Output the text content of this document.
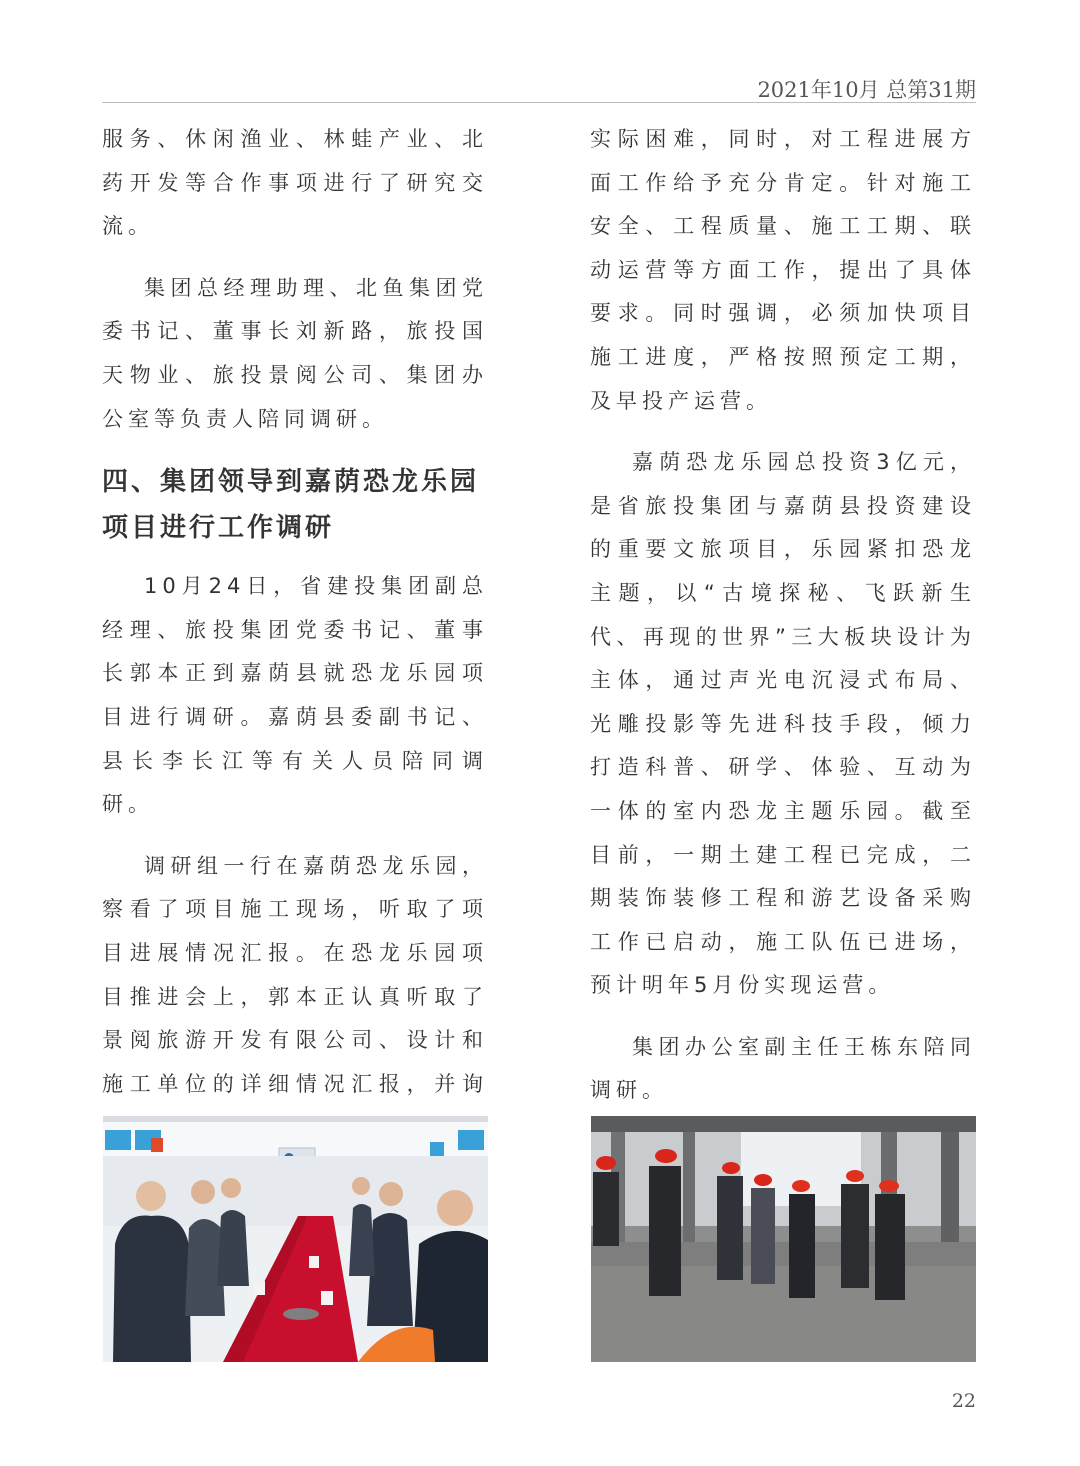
2021年10月 总第31期

服务、休闲渔业、林蛙产业、北药开发等合作事项进行了研究交流。

集团总经理助理、北鱼集团党委书记、董事长刘新路，旅投国天物业、旅投景阅公司、集团办公室等负责人陪同调研。

四、集团领导到嘉荫恐龙乐园项目进行工作调研

10月24日，省建投集团副总经理、旅投集团党委书记、董事长郭本正到嘉荫县就恐龙乐园项目进行调研。嘉荫县委副书记、县长李长江等有关人员陪同调研。

调研组一行在嘉荫恐龙乐园，察看了项目施工现场，听取了项目进展情况汇报。在恐龙乐园项目推进会上，郭本正认真听取了景阅旅游开发有限公司、设计和施工单位的详细情况汇报，并询

实际困难，同时，对工程进展方面工作给予充分肯定。针对施工安全、工程质量、施工工期、联动运营等方面工作，提出了具体要求。同时强调，必须加快项目施工进度，严格按照预定工期，及早投产运营。

嘉荫恐龙乐园总投资3亿元，是省旅投集团与嘉荫县投资建设的重要文旅项目，乐园紧扣恐龙主题，以“古境探秘、飞跃新生代、再现的世界”三大板块设计为主体，通过声光电沉浸式布局、光雕投影等先进科技手段，倾力打造科普、研学、体验、互动为一体的室内恐龙主题乐园。截至目前，一期土建工程已完成，二期装饰装修工程和游艺设备采购工作已启动，施工队伍已进场，预计明年5月份实现运营。

集团办公室副主任王栋东陪同调研。

22
